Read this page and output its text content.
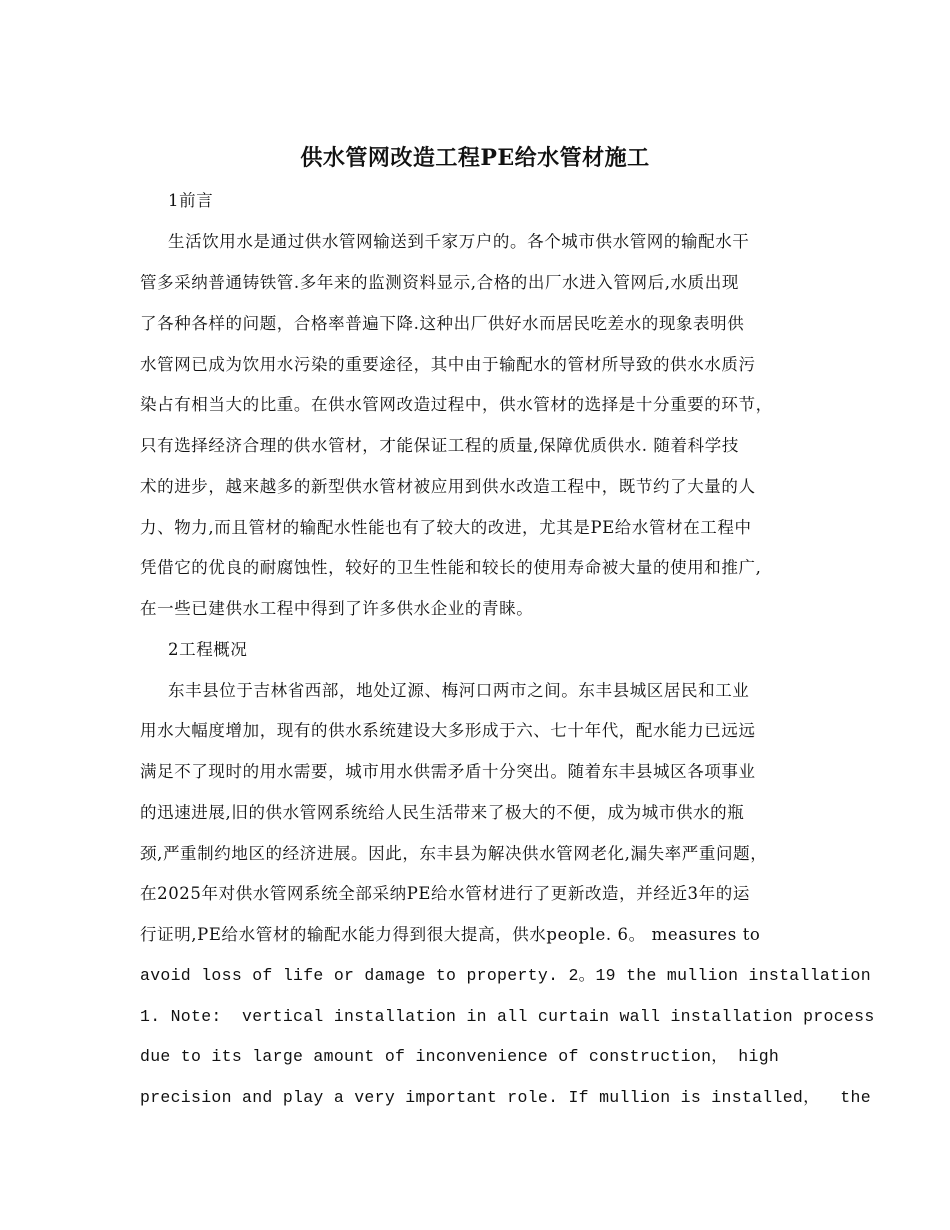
供水管网改造工程PE给水管材施工
1前言
生活饮用水是通过供水管网输送到千家万户的。各个城市供水管网的输配水干
管多采纳普通铸铁管.多年来的监测资料显示,合格的出厂水进入管网后,水质出现
了各种各样的问题，合格率普遍下降.这种出厂供好水而居民吃差水的现象表明供
水管网已成为饮用水污染的重要途径，其中由于输配水的管材所导致的供水水质污
染占有相当大的比重。在供水管网改造过程中，供水管材的选择是十分重要的环节，
只有选择经济合理的供水管材，才能保证工程的质量,保障优质供水. 随着科学技
术的进步，越来越多的新型供水管材被应用到供水改造工程中，既节约了大量的人
力、物力,而且管材的输配水性能也有了较大的改进，尤其是PE给水管材在工程中
凭借它的优良的耐腐蚀性，较好的卫生性能和较长的使用寿命被大量的使用和推广,
在一些已建供水工程中得到了许多供水企业的青睐。
2工程概况
东丰县位于吉林省西部，地处辽源、梅河口两市之间。东丰县城区居民和工业
用水大幅度增加，现有的供水系统建设大多形成于六、七十年代，配水能力已远远
满足不了现时的用水需要，城市用水供需矛盾十分突出。随着东丰县城区各项事业
的迅速进展,旧的供水管网系统给人民生活带来了极大的不便，成为城市供水的瓶
颈,严重制约地区的经济进展。因此，东丰县为解决供水管网老化,漏失率严重问题，
在2025年对供水管网系统全部采纳PE给水管材进行了更新改造，并经近3年的运
行证明,PE给水管材的输配水能力得到很大提高，供水people. 6。 measures to
avoid loss of life or damage to property. 2。19 the mullion installation
1. Note:  vertical installation in all curtain wall installation process
due to its large amount of inconvenience of construction， high
precision and play a very important role. If mullion is installed，  the
